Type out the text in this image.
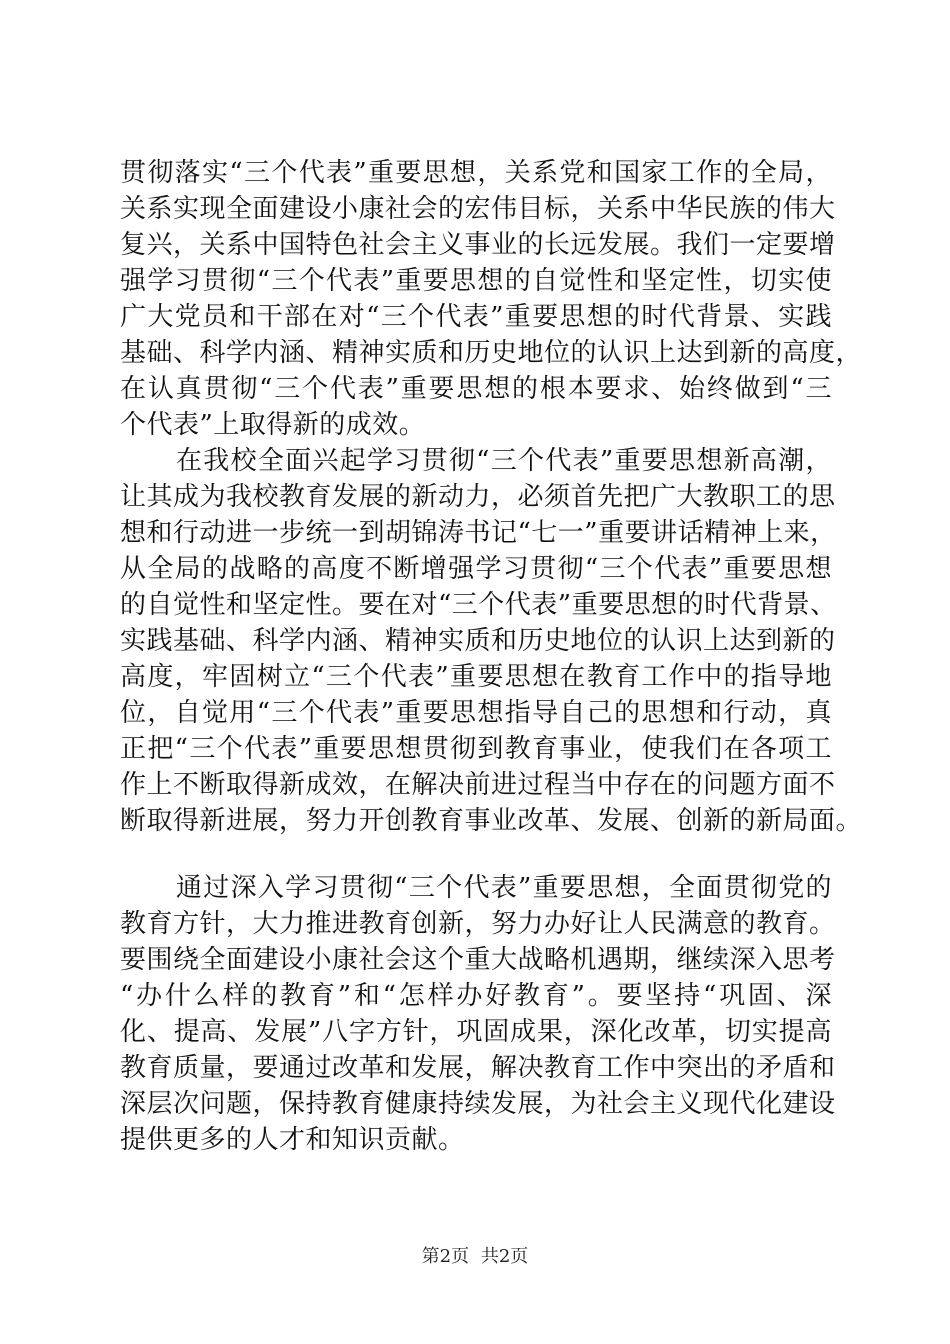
贯彻落实“三个代表”重要思想，关系党和国家工作的全局，
关系实现全面建设小康社会的宏伟目标，关系中华民族的伟大
复兴，关系中国特色社会主义事业的长远发展。我们一定要增
强学习贯彻“三个代表”重要思想的自觉性和坚定性，切实使
广大党员和干部在对“三个代表”重要思想的时代背景、实践
基础、科学内涵、精神实质和历史地位的认识上达到新的高度，
在认真贯彻“三个代表”重要思想的根本要求、始终做到“三
个代表”上取得新的成效。
在我校全面兴起学习贯彻“三个代表”重要思想新高潮，
让其成为我校教育发展的新动力，必须首先把广大教职工的思
想和行动进一步统一到胡锦涛书记“七一”重要讲话精神上来，
从全局的战略的高度不断增强学习贯彻“三个代表”重要思想
的自觉性和坚定性。要在对“三个代表”重要思想的时代背景、
实践基础、科学内涵、精神实质和历史地位的认识上达到新的
高度，牢固树立“三个代表”重要思想在教育工作中的指导地
位，自觉用“三个代表”重要思想指导自己的思想和行动，真
正把“三个代表”重要思想贯彻到教育事业，使我们在各项工
作上不断取得新成效，在解决前进过程当中存在的问题方面不
断取得新进展，努力开创教育事业改革、发展、创新的新局面。
通过深入学习贯彻“三个代表”重要思想，全面贯彻党的
教育方针，大力推进教育创新，努力办好让人民满意的教育。
要围绕全面建设小康社会这个重大战略机遇期，继续深入思考
“办什么样的教育”和“怎样办好教育”。要坚持“巩固、深
化、提高、发展”八字方针，巩固成果，深化改革，切实提高
教育质量，要通过改革和发展，解决教育工作中突出的矛盾和
深层次问题，保持教育健康持续发展，为社会主义现代化建设
提供更多的人才和知识贡献。
第2页 共2页
